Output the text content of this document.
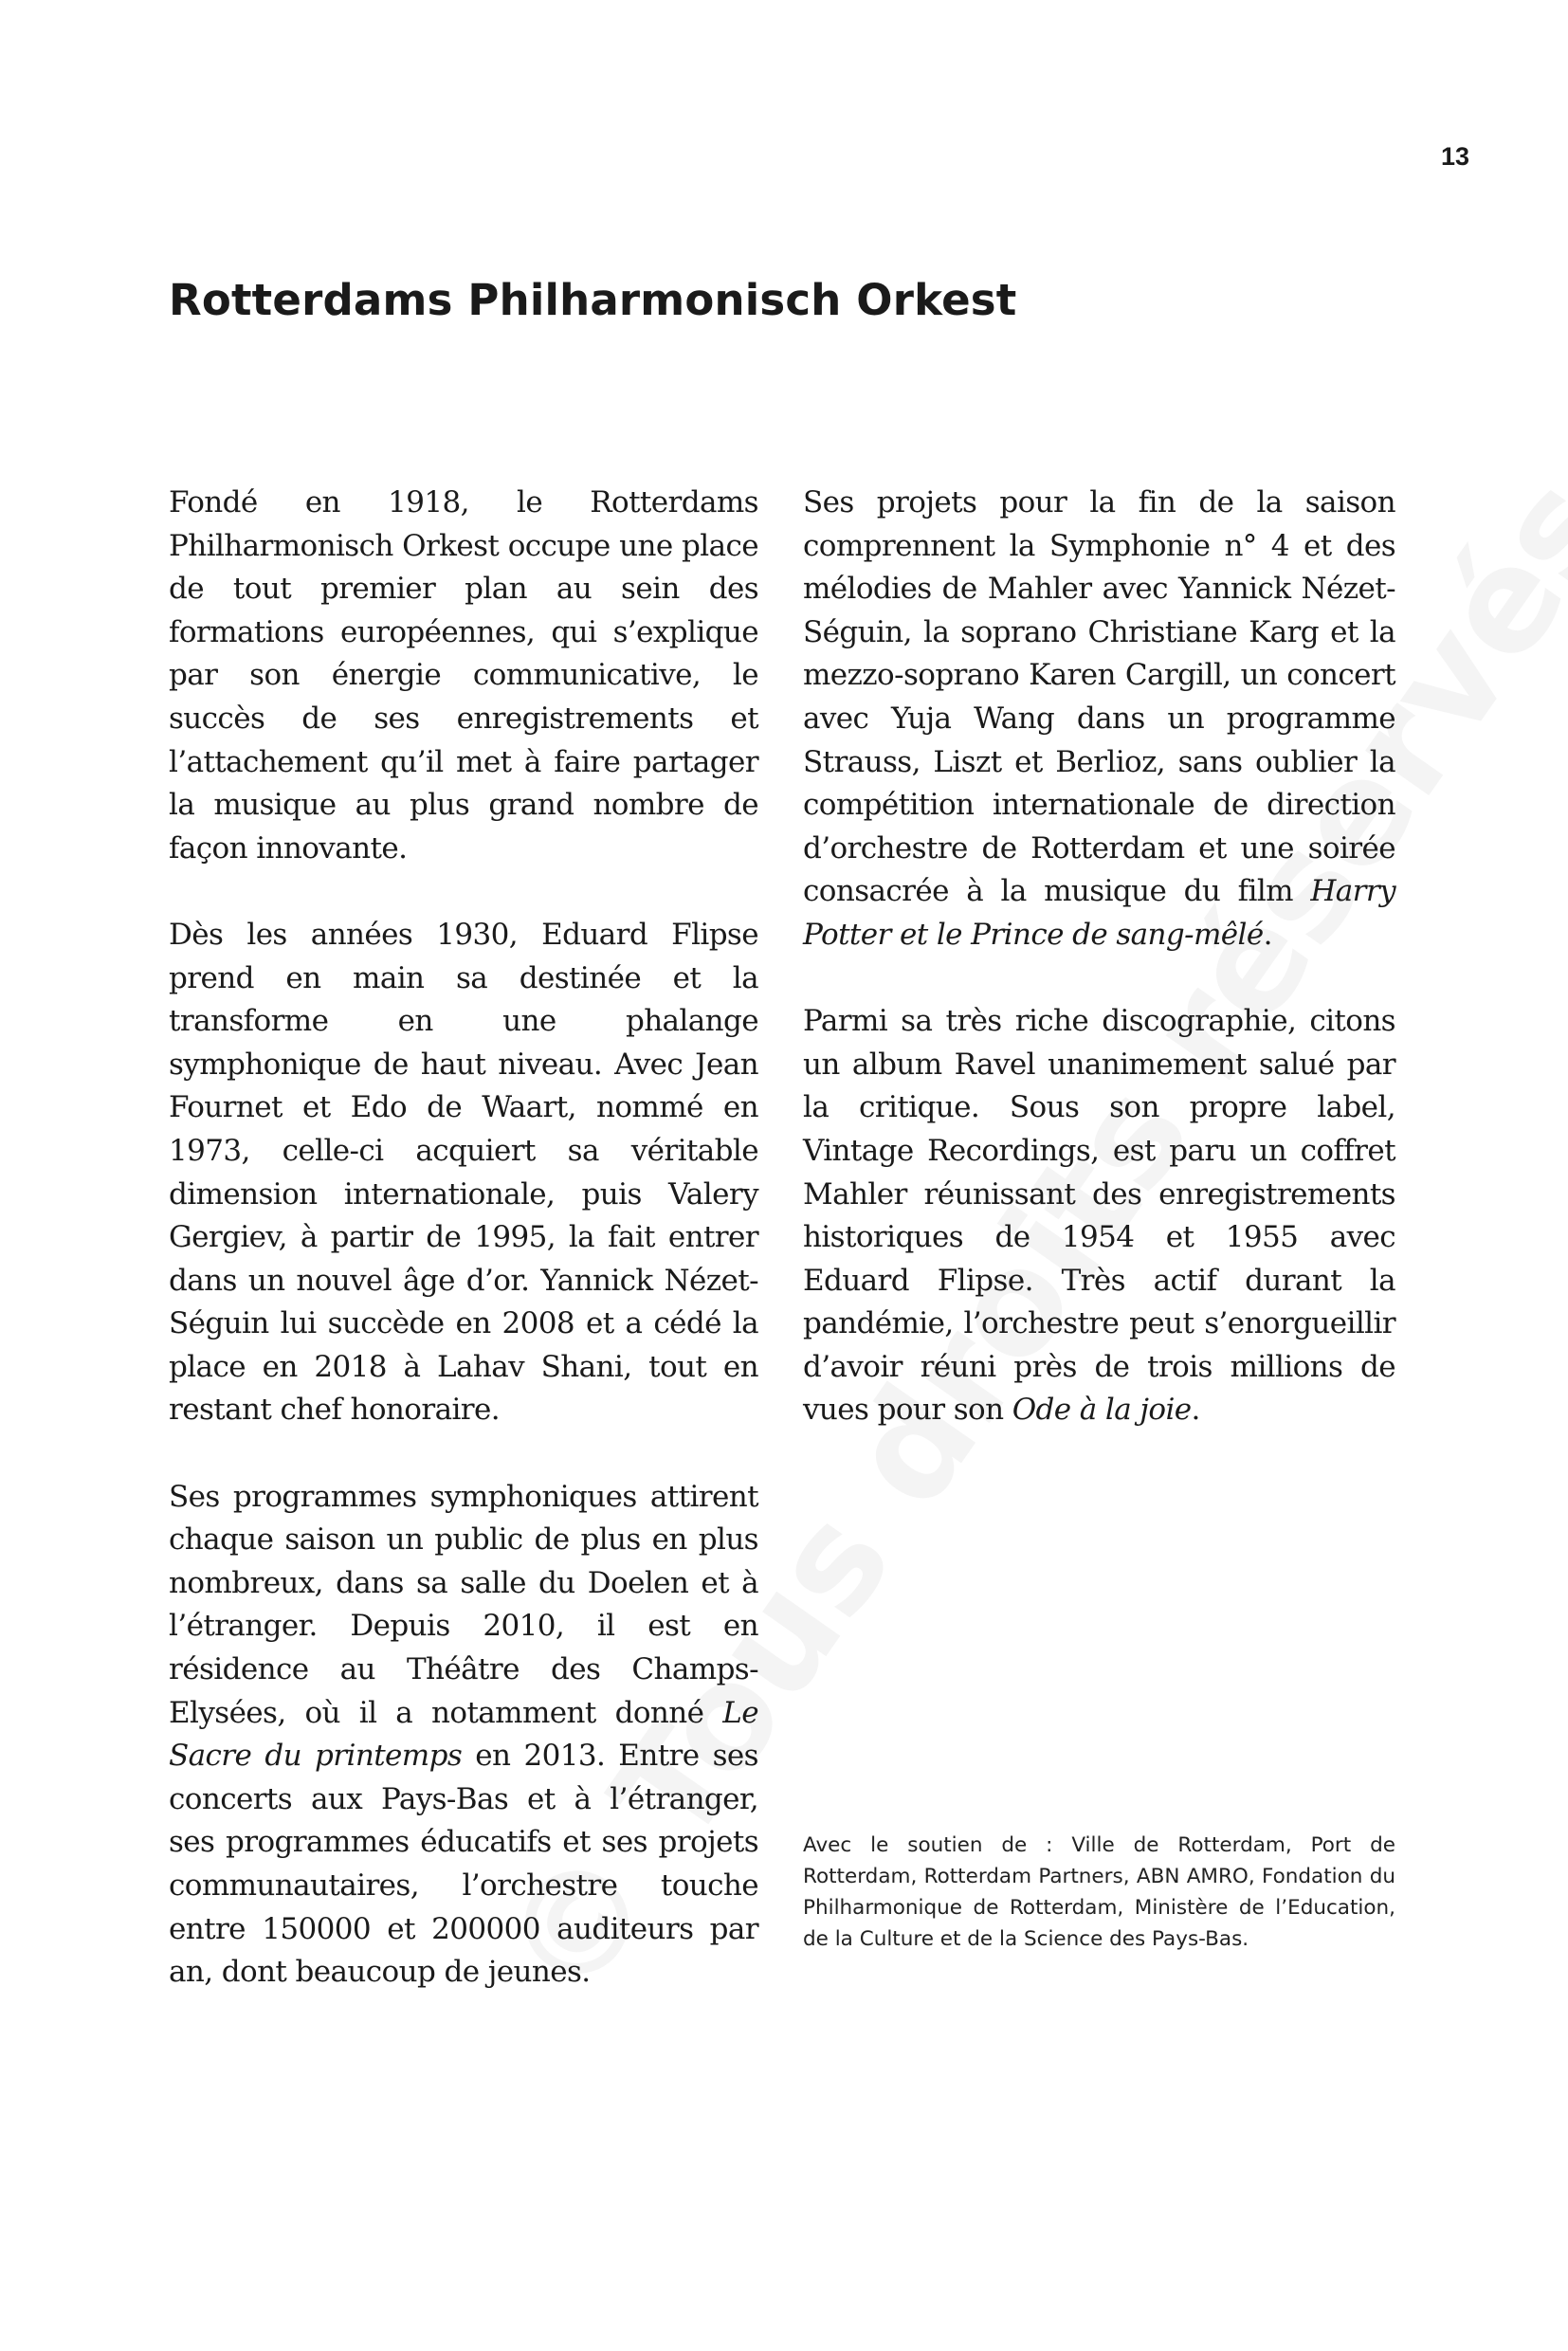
13
Rotterdams Philharmonisch Orkest

Fondé en 1918, le Rotterdams Philharmonisch Orkest occupe une place de tout premier plan au sein des formations européennes, qui s’explique par son énergie communicative, le succès de ses enregistrements et l’attachement qu’il met à faire partager la musique au plus grand nombre de façon innovante.

Dès les années 1930, Eduard Flipse prend en main sa destinée et la transforme en une phalange symphonique de haut niveau. Avec Jean Fournet et Edo de Waart, nommé en 1973, celle-ci acquiert sa véritable dimension internationale, puis Valery Gergiev, à partir de 1995, la fait entrer dans un nouvel âge d’or. Yannick Nézet-Séguin lui succède en 2008 et a cédé la place en 2018 à Lahav Shani, tout en restant chef honoraire.

Ses programmes symphoniques attirent chaque saison un public de plus en plus nombreux, dans sa salle du Doelen et à l’étranger. Depuis 2010, il est en résidence au Théâtre des Champs-Elysées, où il a notamment donné Le Sacre du printemps en 2013. Entre ses concerts aux Pays-Bas et à l’étranger, ses programmes éducatifs et ses projets communautaires, l’orchestre touche entre 150000 et 200000 auditeurs par an, dont beaucoup de jeunes.

Ses projets pour la fin de la saison comprennent la Symphonie n° 4 et des mélodies de Mahler avec Yannick Nézet-Séguin, la soprano Christiane Karg et la mezzo-soprano Karen Cargill, un concert avec Yuja Wang dans un programme Strauss, Liszt et Berlioz, sans oublier la compétition internationale de direction d’orchestre de Rotterdam et une soirée consacrée à la musique du film Harry Potter et le Prince de sang-mêlé.

Parmi sa très riche discographie, citons un album Ravel unanimement salué par la critique. Sous son propre label, Vintage Recordings, est paru un coffret Mahler réunissant des enregistrements historiques de 1954 et 1955 avec Eduard Flipse. Très actif durant la pandémie, l’orchestre peut s’enorgueillir d’avoir réuni près de trois millions de vues pour son Ode à la joie.

Avec le soutien de : Ville de Rotterdam, Port de Rotterdam, Rotterdam Partners, ABN AMRO, Fondation du Philharmonique de Rotterdam, Ministère de l’Education, de la Culture et de la Science des Pays-Bas.
